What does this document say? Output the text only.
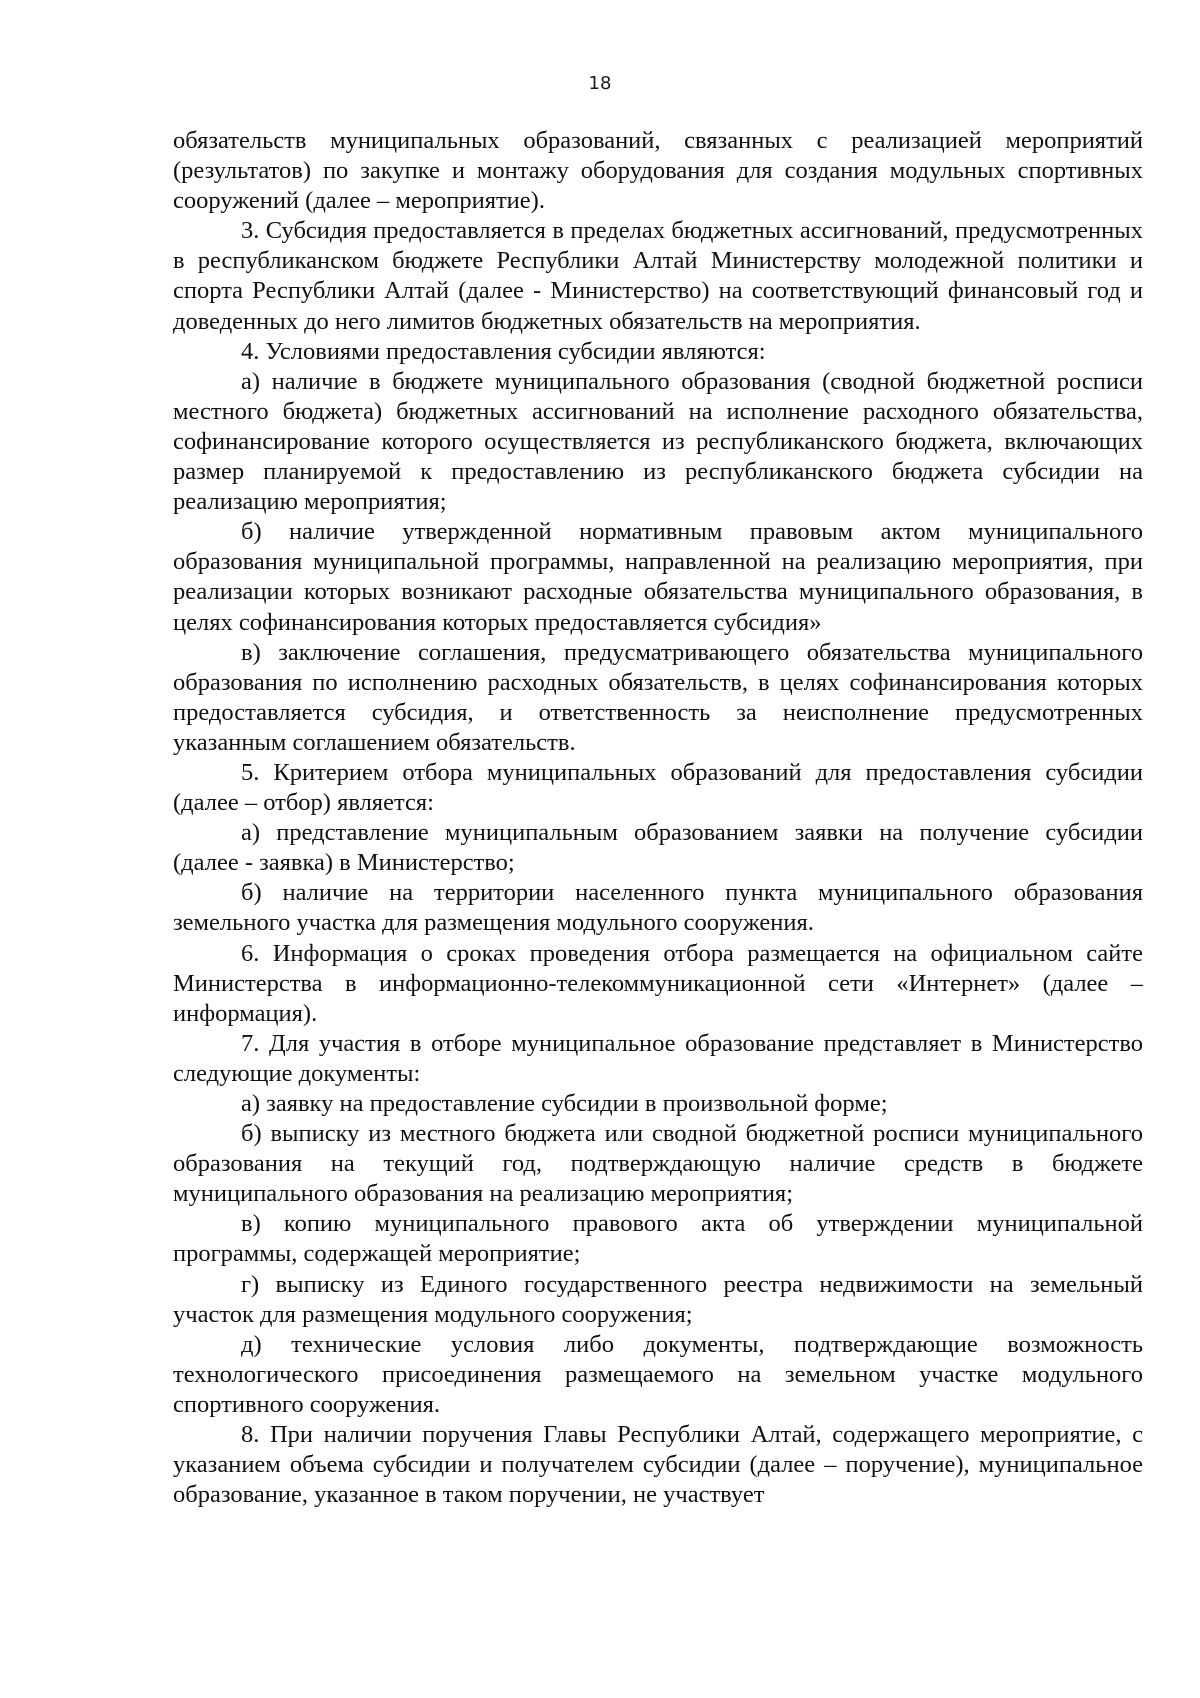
18

обязательств муниципальных образований, связанных с реализацией мероприятий (результатов) по закупке и монтажу оборудования для создания модульных спортивных сооружений (далее – мероприятие).

3. Субсидия предоставляется в пределах бюджетных ассигнований, предусмотренных в республиканском бюджете Республики Алтай Министерству молодежной политики и спорта Республики Алтай (далее - Министерство) на соответствующий финансовый год и доведенных до него лимитов бюджетных обязательств на мероприятия.

4. Условиями предоставления субсидии являются:

а) наличие в бюджете муниципального образования (сводной бюджетной росписи местного бюджета) бюджетных ассигнований на исполнение расходного обязательства, софинансирование которого осуществляется из республиканского бюджета, включающих размер планируемой к предоставлению из республиканского бюджета субсидии на реализацию мероприятия;

б) наличие утвержденной нормативным правовым актом муниципального образования муниципальной программы, направленной на реализацию мероприятия, при реализации которых возникают расходные обязательства муниципального образования, в целях софинансирования которых предоставляется субсидия»

в) заключение соглашения, предусматривающего обязательства муниципального образования по исполнению расходных обязательств, в целях софинансирования которых предоставляется субсидия, и ответственность за неисполнение предусмотренных указанным соглашением обязательств.

5. Критерием отбора муниципальных образований для предоставления субсидии (далее – отбор) является:

а) представление муниципальным образованием заявки на получение субсидии (далее - заявка) в Министерство;

б) наличие на территории населенного пункта муниципального образования земельного участка для размещения модульного сооружения.

6. Информация о сроках проведения отбора размещается на официальном сайте Министерства в информационно-телекоммуникационной сети «Интернет» (далее – информация).

7. Для участия в отборе муниципальное образование представляет в Министерство следующие документы:

а) заявку на предоставление субсидии в произвольной форме;

б) выписку из местного бюджета или сводной бюджетной росписи муниципального образования на текущий год, подтверждающую наличие средств в бюджете муниципального образования на реализацию мероприятия;

в) копию муниципального правового акта об утверждении муниципальной программы, содержащей мероприятие;

г) выписку из Единого государственного реестра недвижимости на земельный участок для размещения модульного сооружения;

д) технические условия либо документы, подтверждающие возможность технологического присоединения размещаемого на земельном участке модульного спортивного сооружения.

8. При наличии поручения Главы Республики Алтай, содержащего мероприятие, с указанием объема субсидии и получателем субсидии (далее – поручение), муниципальное образование, указанное в таком поручении, не участвует
